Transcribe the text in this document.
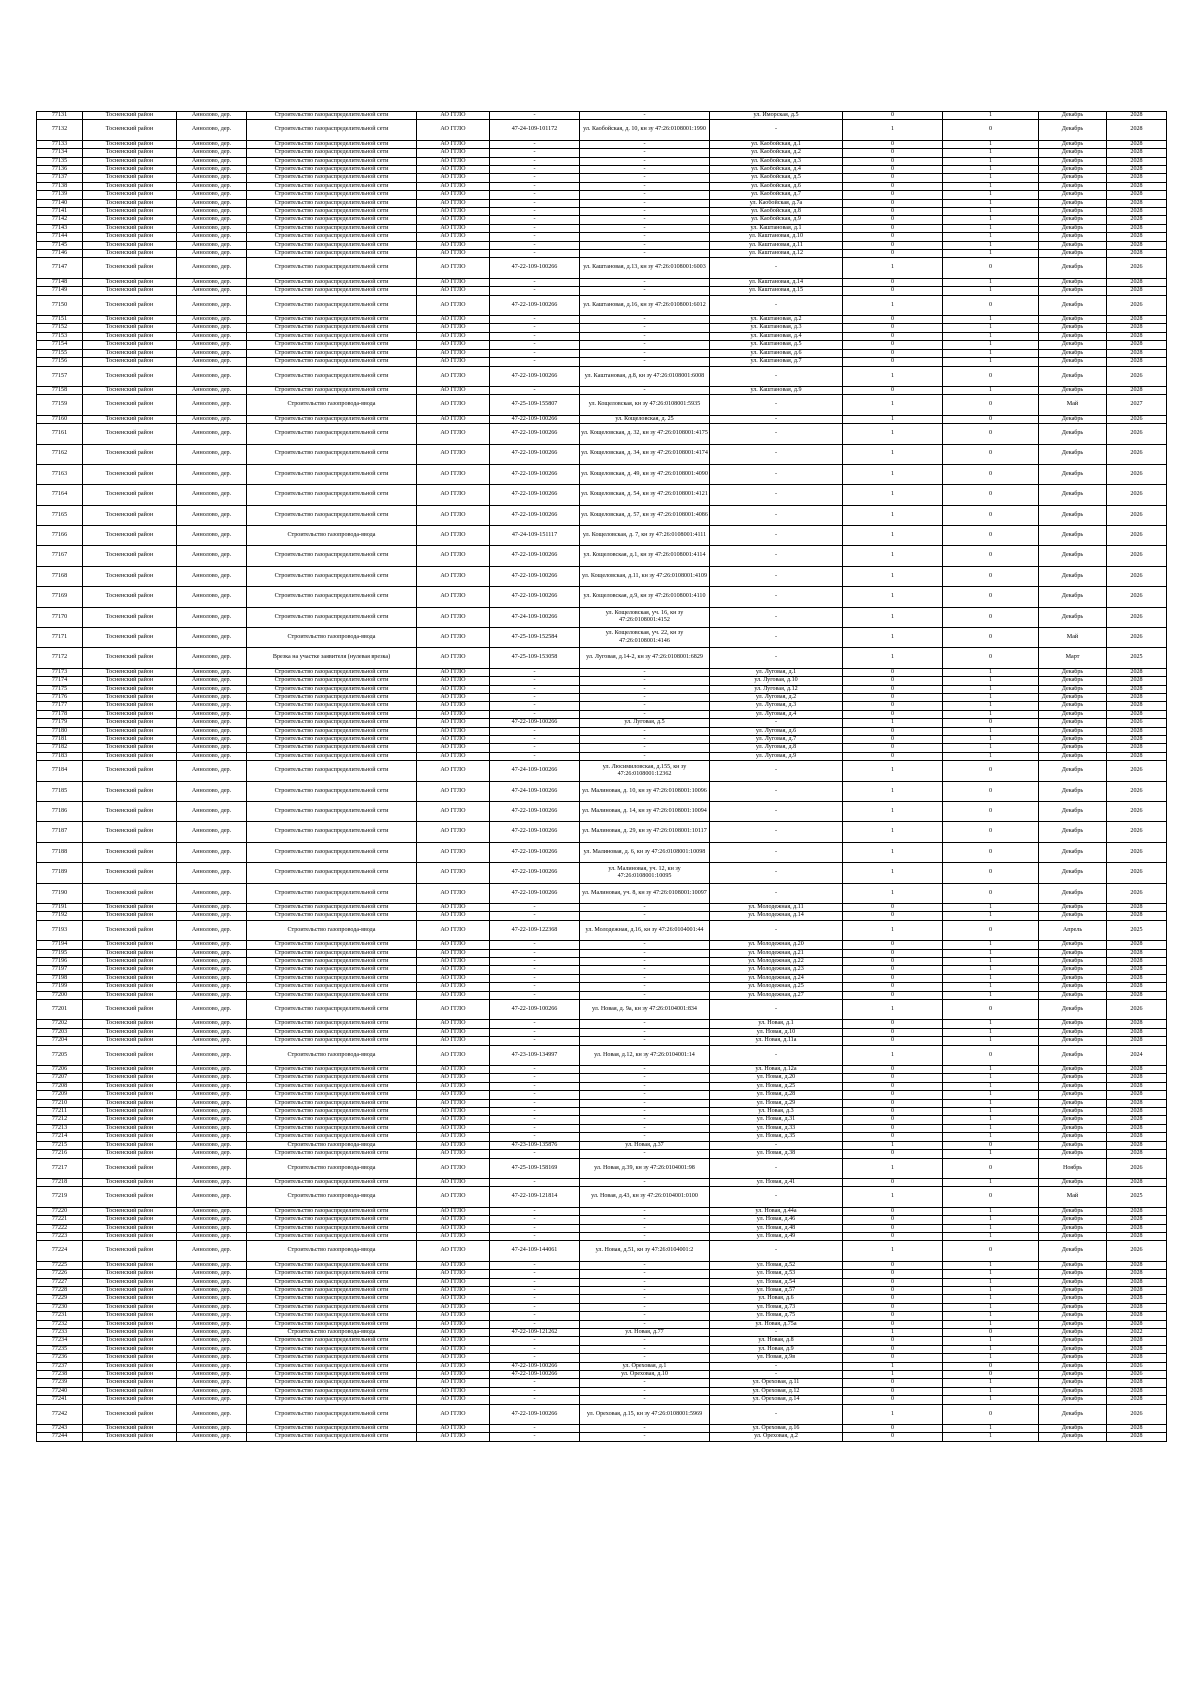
77131	Тосненский район	Аннолово, дер.	Строительство газораспределительной сети	АО ГГЛО	-	-	ул. Иморская, д.5	0	1	Декабрь	2028
77132	Тосненский район	Аннолово, дер.	Строительство газораспределительной сети	АО ГГЛО	47-24-109-101172	ул. Каобойская, д. 10, кн зу 47:26:0108001:1990	-	1	0	Декабрь	2028
77133	Тосненский район	Аннолово, дер.	Строительство газораспределительной сети	АО ГГЛО	-	-	ул. Каобойская, д.1	0	1	Декабрь	2028
77134	Тосненский район	Аннолово, дер.	Строительство газораспределительной сети	АО ГГЛО	-	-	ул. Каобойская, д.2	0	1	Декабрь	2028
77135	Тосненский район	Аннолово, дер.	Строительство газораспределительной сети	АО ГГЛО	-	-	ул. Каобойская, д.3	0	1	Декабрь	2028
77136	Тосненский район	Аннолово, дер.	Строительство газораспределительной сети	АО ГГЛО	-	-	ул. Каобойская, д.4	0	1	Декабрь	2028
77137	Тосненский район	Аннолово, дер.	Строительство газораспределительной сети	АО ГГЛО	-	-	ул. Каобойская, д.5	0	1	Декабрь	2028
77138	Тосненский район	Аннолово, дер.	Строительство газораспределительной сети	АО ГГЛО	-	-	ул. Каобойская, д.6	0	1	Декабрь	2028
77139	Тосненский район	Аннолово, дер.	Строительство газораспределительной сети	АО ГГЛО	-	-	ул. Каобойская, д.7	0	1	Декабрь	2028
77140	Тосненский район	Аннолово, дер.	Строительство газораспределительной сети	АО ГГЛО	-	-	ул. Каобойская, д.7а	0	1	Декабрь	2028
77141	Тосненский район	Аннолово, дер.	Строительство газораспределительной сети	АО ГГЛО	-	-	ул. Каобойская, д.8	0	1	Декабрь	2028
77142	Тосненский район	Аннолово, дер.	Строительство газораспределительной сети	АО ГГЛО	-	-	ул. Каобойская, д.9	0	1	Декабрь	2028
77143	Тосненский район	Аннолово, дер.	Строительство газораспределительной сети	АО ГГЛО	-	-	ул. Каштановая, д.1	0	1	Декабрь	2028
77144	Тосненский район	Аннолово, дер.	Строительство газораспределительной сети	АО ГГЛО	-	-	ул. Каштановая, д.10	0	1	Декабрь	2028
77145	Тосненский район	Аннолово, дер.	Строительство газораспределительной сети	АО ГГЛО	-	-	ул. Каштановая, д.11	0	1	Декабрь	2028
77146	Тосненский район	Аннолово, дер.	Строительство газораспределительной сети	АО ГГЛО	-	-	ул. Каштановая, д.12	0	1	Декабрь	2028
77147	Тосненский район	Аннолово, дер.	Строительство газораспределительной сети	АО ГГЛО	47-22-109-100266	ул. Каштановая, д.13, кн зу 47:26:0108001:6003	-	1	0	Декабрь	2026
77148	Тосненский район	Аннолово, дер.	Строительство газораспределительной сети	АО ГГЛО	-	-	ул. Каштановая, д.14	0	1	Декабрь	2028
77149	Тосненский район	Аннолово, дер.	Строительство газораспределительной сети	АО ГГЛО	-	-	ул. Каштановая, д.15	0	1	Декабрь	2028
77150	Тосненский район	Аннолово, дер.	Строительство газораспределительной сети	АО ГГЛО	47-22-109-100266	ул. Каштановая, д.16, кн зу 47:26:0108001:6012	-	1	0	Декабрь	2026
77151	Тосненский район	Аннолово, дер.	Строительство газораспределительной сети	АО ГГЛО	-	-	ул. Каштановая, д.2	0	1	Декабрь	2028
77152	Тосненский район	Аннолово, дер.	Строительство газораспределительной сети	АО ГГЛО	-	-	ул. Каштановая, д.3	0	1	Декабрь	2028
77153	Тосненский район	Аннолово, дер.	Строительство газораспределительной сети	АО ГГЛО	-	-	ул. Каштановая, д.4	0	1	Декабрь	2028
77154	Тосненский район	Аннолово, дер.	Строительство газораспределительной сети	АО ГГЛО	-	-	ул. Каштановая, д.5	0	1	Декабрь	2028
77155	Тосненский район	Аннолово, дер.	Строительство газораспределительной сети	АО ГГЛО	-	-	ул. Каштановая, д.6	0	1	Декабрь	2028
77156	Тосненский район	Аннолово, дер.	Строительство газораспределительной сети	АО ГГЛО	-	-	ул. Каштановая, д.7	0	1	Декабрь	2028
77157	Тосненский район	Аннолово, дер.	Строительство газораспределительной сети	АО ГГЛО	47-22-109-100266	ул. Каштановая, д.8, кн зу 47:26:0108001:6008	-	1	0	Декабрь	2026
77158	Тосненский район	Аннолово, дер.	Строительство газораспределительной сети	АО ГГЛО	-	-	ул. Каштановая, д.9	0	1	Декабрь	2028
77159	Тосненский район	Аннолово, дер.	Строительство газопровода-ввода	АО ГГЛО	47-25-109-155807	ул. Кощеловская, кн зу 47:26:0108001:5935	-	1	0	Май	2027
77160	Тосненский район	Аннолово, дер.	Строительство газораспределительной сети	АО ГГЛО	47-22-109-100266	ул. Кощеловская, д. 25	-	1	0	Декабрь	2026
77161	Тосненский район	Аннолово, дер.	Строительство газораспределительной сети	АО ГГЛО	47-22-109-100266	ул. Кощеловская, д. 32, кн зу 47:26:0108001:4175	-	1	0	Декабрь	2026
77162	Тосненский район	Аннолово, дер.	Строительство газораспределительной сети	АО ГГЛО	47-22-109-100266	ул. Кощеловская, д. 34, кн зу 47:26:0108001:4174	-	1	0	Декабрь	2026
77163	Тосненский район	Аннолово, дер.	Строительство газораспределительной сети	АО ГГЛО	47-22-109-100266	ул. Кощеловская, д. 49, кн зу 47:26:0108001:4090	-	1	0	Декабрь	2026
77164	Тосненский район	Аннолово, дер.	Строительство газораспределительной сети	АО ГГЛО	47-22-109-100266	ул. Кощеловская, д. 54, кн зу 47:26:0108001:4121	-	1	0	Декабрь	2026
77165	Тосненский район	Аннолово, дер.	Строительство газораспределительной сети	АО ГГЛО	47-22-109-100266	ул. Кощеловская, д. 57, кн зу 47:26:0108001:4086	-	1	0	Декабрь	2026
77166	Тосненский район	Аннолово, дер.	Строительство газопровода-ввода	АО ГГЛО	47-24-109-151117	ул. Кощеловская, д. 7, кн зу 47:26:0108001:4111	-	1	0	Декабрь	2026
77167	Тосненский район	Аннолово, дер.	Строительство газораспределительной сети	АО ГГЛО	47-22-109-100266	ул. Кощеловская, д.1, кн зу 47:26:0108001:4114	-	1	0	Декабрь	2026
77168	Тосненский район	Аннолово, дер.	Строительство газораспределительной сети	АО ГГЛО	47-22-109-100266	ул. Кощеловская, д.11, кн зу 47:26:0108001:4109	-	1	0	Декабрь	2026
77169	Тосненский район	Аннолово, дер.	Строительство газораспределительной сети	АО ГГЛО	47-22-109-100266	ул. Кощеловская, д.9, кн зу 47:26:0108001:4110	-	1	0	Декабрь	2026
77170	Тосненский район	Аннолово, дер.	Строительство газораспределительной сети	АО ГГЛО	47-24-109-100266	ул. Кощеловская, уч. 16, кн зу 47:26:0108001:4152	-	1	0	Декабрь	2026
77171	Тосненский район	Аннолово, дер.	Строительство газопровода-ввода	АО ГГЛО	47-25-109-152584	ул. Кощеловская, уч. 22, кн зу 47:26:0108001:4146	-	1	0	Май	2026
77172	Тосненский район	Аннолово, дер.	Врезка на участке заявителя (нулевая врезка)	АО ГГЛО	47-25-109-153058	ул. Луговая, д.14-2, кн зу 47:26:0108001:6829	-	1	0	Март	2025
77173	Тосненский район	Аннолово, дер.	Строительство газораспределительной сети	АО ГГЛО	-	-	ул. Луговая, д.1	0	1	Декабрь	2028
77174	Тосненский район	Аннолово, дер.	Строительство газораспределительной сети	АО ГГЛО	-	-	ул. Луговая, д.10	0	1	Декабрь	2028
77175	Тосненский район	Аннолово, дер.	Строительство газораспределительной сети	АО ГГЛО	-	-	ул. Луговая, д.12	0	1	Декабрь	2028
77176	Тосненский район	Аннолово, дер.	Строительство газораспределительной сети	АО ГГЛО	-	-	ул. Луговая, д.2	0	1	Декабрь	2028
77177	Тосненский район	Аннолово, дер.	Строительство газораспределительной сети	АО ГГЛО	-	-	ул. Луговая, д.3	0	1	Декабрь	2028
77178	Тосненский район	Аннолово, дер.	Строительство газораспределительной сети	АО ГГЛО	-	-	ул. Луговая, д.4	0	1	Декабрь	2028
77179	Тосненский район	Аннолово, дер.	Строительство газораспределительной сети	АО ГГЛО	47-22-109-100266	ул. Луговая, д.5	-	1	0	Декабрь	2026
77180	Тосненский район	Аннолово, дер.	Строительство газораспределительной сети	АО ГГЛО	-	-	ул. Луговая, д.6	0	1	Декабрь	2028
77181	Тосненский район	Аннолово, дер.	Строительство газораспределительной сети	АО ГГЛО	-	-	ул. Луговая, д.7	0	1	Декабрь	2028
77182	Тосненский район	Аннолово, дер.	Строительство газораспределительной сети	АО ГГЛО	-	-	ул. Луговая, д.8	0	1	Декабрь	2028
77183	Тосненский район	Аннолово, дер.	Строительство газораспределительной сети	АО ГГЛО	-	-	ул. Луговая, д.9	0	1	Декабрь	2028
77184	Тосненский район	Аннолово, дер.	Строительство газораспределительной сети	АО ГГЛО	47-24-109-100266	ул. Люсимиловская, д.155, кн зу 47:26:0108001:12362	-	1	0	Декабрь	2026
77185	Тосненский район	Аннолово, дер.	Строительство газораспределительной сети	АО ГГЛО	47-24-109-100266	ул. Малиновая, д. 10, кн зу 47:26:0108001:10096	-	1	0	Декабрь	2026
77186	Тосненский район	Аннолово, дер.	Строительство газораспределительной сети	АО ГГЛО	47-22-109-100266	ул. Малиновая, д. 14, кн зу 47:26:0108001:10094	-	1	0	Декабрь	2026
77187	Тосненский район	Аннолово, дер.	Строительство газораспределительной сети	АО ГГЛО	47-22-109-100266	ул. Малиновая, д. 29, кн зу 47:26:0108001:10117	-	1	0	Декабрь	2026
77188	Тосненский район	Аннолово, дер.	Строительство газораспределительной сети	АО ГГЛО	47-22-109-100266	ул. Малиновая, д. 6, кн зу 47:26:0108001:10098	-	1	0	Декабрь	2026
77189	Тосненский район	Аннолово, дер.	Строительство газораспределительной сети	АО ГГЛО	47-22-109-100266	ул. Малиновая, уч. 12, кн зу 47:26:0108001:10095	-	1	0	Декабрь	2026
77190	Тосненский район	Аннолово, дер.	Строительство газораспределительной сети	АО ГГЛО	47-22-109-100266	ул. Малиновая, уч. 8, кн зу 47:26:0108001:10097	-	1	0	Декабрь	2026
77191	Тосненский район	Аннолово, дер.	Строительство газораспределительной сети	АО ГГЛО	-	-	ул. Молодежная, д.11	0	1	Декабрь	2028
77192	Тосненский район	Аннолово, дер.	Строительство газораспределительной сети	АО ГГЛО	-	-	ул. Молодежная, д.14	0	1	Декабрь	2028
77193	Тосненский район	Аннолово, дер.	Строительство газопровода-ввода	АО ГГЛО	47-22-109-122368	ул. Молодежная, д.16, кн зу 47:26:0104001:44	-	1	0	Апрель	2025
77194	Тосненский район	Аннолово, дер.	Строительство газораспределительной сети	АО ГГЛО	-	-	ул. Молодежная, д.20	0	1	Декабрь	2028
77195	Тосненский район	Аннолово, дер.	Строительство газораспределительной сети	АО ГГЛО	-	-	ул. Молодежная, д.21	0	1	Декабрь	2028
77196	Тосненский район	Аннолово, дер.	Строительство газораспределительной сети	АО ГГЛО	-	-	ул. Молодежная, д.22	0	1	Декабрь	2028
77197	Тосненский район	Аннолово, дер.	Строительство газораспределительной сети	АО ГГЛО	-	-	ул. Молодежная, д.23	0	1	Декабрь	2028
77198	Тосненский район	Аннолово, дер.	Строительство газораспределительной сети	АО ГГЛО	-	-	ул. Молодежная, д.24	0	1	Декабрь	2028
77199	Тосненский район	Аннолово, дер.	Строительство газораспределительной сети	АО ГГЛО	-	-	ул. Молодежная, д.25	0	1	Декабрь	2028
77200	Тосненский район	Аннолово, дер.	Строительство газораспределительной сети	АО ГГЛО	-	-	ул. Молодежная, д.27	0	1	Декабрь	2028
77201	Тосненский район	Аннолово, дер.	Строительство газораспределительной сети	АО ГГЛО	47-22-109-100266	ул. Новая, д. 9а, кн зу 47:26:0104001:834	-	1	0	Декабрь	2026
77202	Тосненский район	Аннолово, дер.	Строительство газораспределительной сети	АО ГГЛО	-	-	ул. Новая, д.1	0	1	Декабрь	2028
77203	Тосненский район	Аннолово, дер.	Строительство газораспределительной сети	АО ГГЛО	-	-	ул. Новая, д.10	0	1	Декабрь	2028
77204	Тосненский район	Аннолово, дер.	Строительство газораспределительной сети	АО ГГЛО	-	-	ул. Новая, д.11а	0	1	Декабрь	2028
77205	Тосненский район	Аннолово, дер.	Строительство газопровода-ввода	АО ГГЛО	47-23-109-134997	ул. Новая, д.12, кн зу 47:26:0104001:14	-	1	0	Декабрь	2024
77206	Тосненский район	Аннолово, дер.	Строительство газораспределительной сети	АО ГГЛО	-	-	ул. Новая, д.12а	0	1	Декабрь	2028
77207	Тосненский район	Аннолово, дер.	Строительство газораспределительной сети	АО ГГЛО	-	-	ул. Новая, д.20	0	1	Декабрь	2028
77208	Тосненский район	Аннолово, дер.	Строительство газораспределительной сети	АО ГГЛО	-	-	ул. Новая, д.25	0	1	Декабрь	2028
77209	Тосненский район	Аннолово, дер.	Строительство газораспределительной сети	АО ГГЛО	-	-	ул. Новая, д.28	0	1	Декабрь	2028
77210	Тосненский район	Аннолово, дер.	Строительство газораспределительной сети	АО ГГЛО	-	-	ул. Новая, д.29	0	1	Декабрь	2028
77211	Тосненский район	Аннолово, дер.	Строительство газораспределительной сети	АО ГГЛО	-	-	ул. Новая, д.3	0	1	Декабрь	2028
77212	Тосненский район	Аннолово, дер.	Строительство газораспределительной сети	АО ГГЛО	-	-	ул. Новая, д.31	0	1	Декабрь	2028
77213	Тосненский район	Аннолово, дер.	Строительство газораспределительной сети	АО ГГЛО	-	-	ул. Новая, д.33	0	1	Декабрь	2028
77214	Тосненский район	Аннолово, дер.	Строительство газораспределительной сети	АО ГГЛО	-	-	ул. Новая, д.35	0	1	Декабрь	2028
77215	Тосненский район	Аннолово, дер.	Строительство газопровода-ввода	АО ГГЛО	47-23-109-135876	ул. Новая, д.37	-	1	0	Декабрь	2028
77216	Тосненский район	Аннолово, дер.	Строительство газораспределительной сети	АО ГГЛО	-	-	ул. Новая, д.38	0	1	Декабрь	2028
77217	Тосненский район	Аннолово, дер.	Строительство газопровода-ввода	АО ГГЛО	47-25-109-158169	ул. Новая, д.39, кн зу 47:26:0104001:98	-	1	0	Ноябрь	2026
77218	Тосненский район	Аннолово, дер.	Строительство газораспределительной сети	АО ГГЛО	-	-	ул. Новая, д.41	0	1	Декабрь	2028
77219	Тосненский район	Аннолово, дер.	Строительство газопровода-ввода	АО ГГЛО	47-22-109-121814	ул. Новая, д.43, кн зу 47:26:0104001:0100	-	1	0	Май	2025
77220	Тосненский район	Аннолово, дер.	Строительство газораспределительной сети	АО ГГЛО	-	-	ул. Новая, д.44а	0	1	Декабрь	2028
77221	Тосненский район	Аннолово, дер.	Строительство газораспределительной сети	АО ГГЛО	-	-	ул. Новая, д.46	0	1	Декабрь	2028
77222	Тосненский район	Аннолово, дер.	Строительство газораспределительной сети	АО ГГЛО	-	-	ул. Новая, д.48	0	1	Декабрь	2028
77223	Тосненский район	Аннолово, дер.	Строительство газораспределительной сети	АО ГГЛО	-	-	ул. Новая, д.49	0	1	Декабрь	2028
77224	Тосненский район	Аннолово, дер.	Строительство газопровода-ввода	АО ГГЛО	47-24-109-144061	ул. Новая, д.51, кн зу 47:26:0104001:2	-	1	0	Декабрь	2026
77225	Тосненский район	Аннолово, дер.	Строительство газораспределительной сети	АО ГГЛО	-	-	ул. Новая, д.52	0	1	Декабрь	2028
77226	Тосненский район	Аннолово, дер.	Строительство газораспределительной сети	АО ГГЛО	-	-	ул. Новая, д.53	0	1	Декабрь	2028
77227	Тосненский район	Аннолово, дер.	Строительство газораспределительной сети	АО ГГЛО	-	-	ул. Новая, д.54	0	1	Декабрь	2028
77228	Тосненский район	Аннолово, дер.	Строительство газораспределительной сети	АО ГГЛО	-	-	ул. Новая, д.57	0	1	Декабрь	2028
77229	Тосненский район	Аннолово, дер.	Строительство газораспределительной сети	АО ГГЛО	-	-	ул. Новая, д.6	0	1	Декабрь	2028
77230	Тосненский район	Аннолово, дер.	Строительство газораспределительной сети	АО ГГЛО	-	-	ул. Новая, д.73	0	1	Декабрь	2028
77231	Тосненский район	Аннолово, дер.	Строительство газораспределительной сети	АО ГГЛО	-	-	ул. Новая, д.75	0	1	Декабрь	2028
77232	Тосненский район	Аннолово, дер.	Строительство газораспределительной сети	АО ГГЛО	-	-	ул. Новая, д.75а	0	1	Декабрь	2028
77233	Тосненский район	Аннолово, дер.	Строительство газопровода-ввода	АО ГГЛО	47-22-109-121262	ул. Новая, д.77	-	1	0	Декабрь	2022
77234	Тосненский район	Аннолово, дер.	Строительство газораспределительной сети	АО ГГЛО	-	-	ул. Новая, д.8	0	1	Декабрь	2028
77235	Тосненский район	Аннолово, дер.	Строительство газораспределительной сети	АО ГГЛО	-	-	ул. Новая, д.9	0	1	Декабрь	2028
77236	Тосненский район	Аннолово, дер.	Строительство газораспределительной сети	АО ГГЛО	-	-	ул. Новая, д.9в	0	1	Декабрь	2028
77237	Тосненский район	Аннолово, дер.	Строительство газораспределительной сети	АО ГГЛО	47-22-109-100266	ул. Ореховая, д.1	-	1	0	Декабрь	2026
77238	Тосненский район	Аннолово, дер.	Строительство газораспределительной сети	АО ГГЛО	47-22-109-100266	ул. Ореховая, д.10	-	1	0	Декабрь	2026
77239	Тосненский район	Аннолово, дер.	Строительство газораспределительной сети	АО ГГЛО	-	-	ул. Ореховая, д.11	0	1	Декабрь	2028
77240	Тосненский район	Аннолово, дер.	Строительство газораспределительной сети	АО ГГЛО	-	-	ул. Ореховая, д.12	0	1	Декабрь	2028
77241	Тосненский район	Аннолово, дер.	Строительство газораспределительной сети	АО ГГЛО	-	-	ул. Ореховая, д.14	0	1	Декабрь	2028
77242	Тосненский район	Аннолово, дер.	Строительство газораспределительной сети	АО ГГЛО	47-22-109-100266	ул. Ореховая, д.15, кн зу 47:26:0108001:5969	-	1	0	Декабрь	2026
77243	Тосненский район	Аннолово, дер.	Строительство газораспределительной сети	АО ГГЛО	-	-	ул. Ореховая, д.16	0	1	Декабрь	2028
77244	Тосненский район	Аннолово, дер.	Строительство газораспределительной сети	АО ГГЛО	-	-	ул. Ореховая, д.2	0	1	Декабрь	2028
